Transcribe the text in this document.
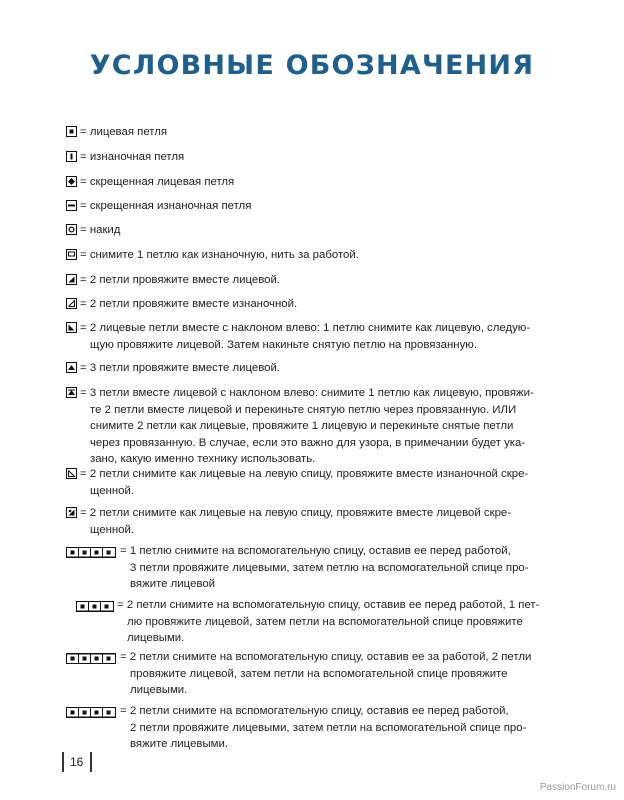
УСЛОВНЫЕ ОБОЗНАЧЕНИЯ
= лицевая петля
= изнаночная петля
= скрещенная лицевая петля
= скрещенная изнаночная петля
= накид
= снимите 1 петлю как изнаночную, нить за работой.
= 2 петли провяжите вместе лицевой.
= 2 петли провяжите вместе изнаночной.
= 2 лицевые петли вместе с наклоном влево: 1 петлю снимите как лицевую, следую-
щую провяжите лицевой. Затем накиньте снятую петлю на провязанную.
= 3 петли провяжите вместе лицевой.
= 3 петли вместе лицевой с наклоном влево: снимите 1 петлю как лицевую, провяжи-
те 2 петли вместе лицевой и перекиньте снятую петлю через провязанную. ИЛИ
снимите 2 петли как лицевые, провяжите 1 лицевую и перекиньте снятые петли
через провязанную. В случае, если это важно для узора, в примечании будет ука-
зано, какую именно технику использовать.
= 2 петли снимите как лицевые на левую спицу, провяжите вместе изнаночной скре-
щенной.
= 2 петли снимите как лицевые на левую спицу, провяжите вместе лицевой скре-
щенной.
= 1 петлю снимите на вспомогательную спицу, оставив ее перед работой,
3 петли провяжите лицевыми, затем петлю на вспомогательной спице про-
вяжите лицевой
= 2 петли снимите на вспомогательную спицу, оставив ее перед работой, 1 пет-
лю провяжите лицевой, затем петли на вспомогательной спице провяжите
лицевыми.
= 2 петли снимите на вспомогательную спицу, оставив ее за работой, 2 петли
провяжите лицевой, затем петли на вспомогательной спице провяжите
лицевыми.
= 2 петли снимите на вспомогательную спицу, оставив ее перед работой,
2 петли провяжите лицевыми, затем петли на вспомогательной спице про-
вяжите лицевыми.
16
PassionForum.ru
